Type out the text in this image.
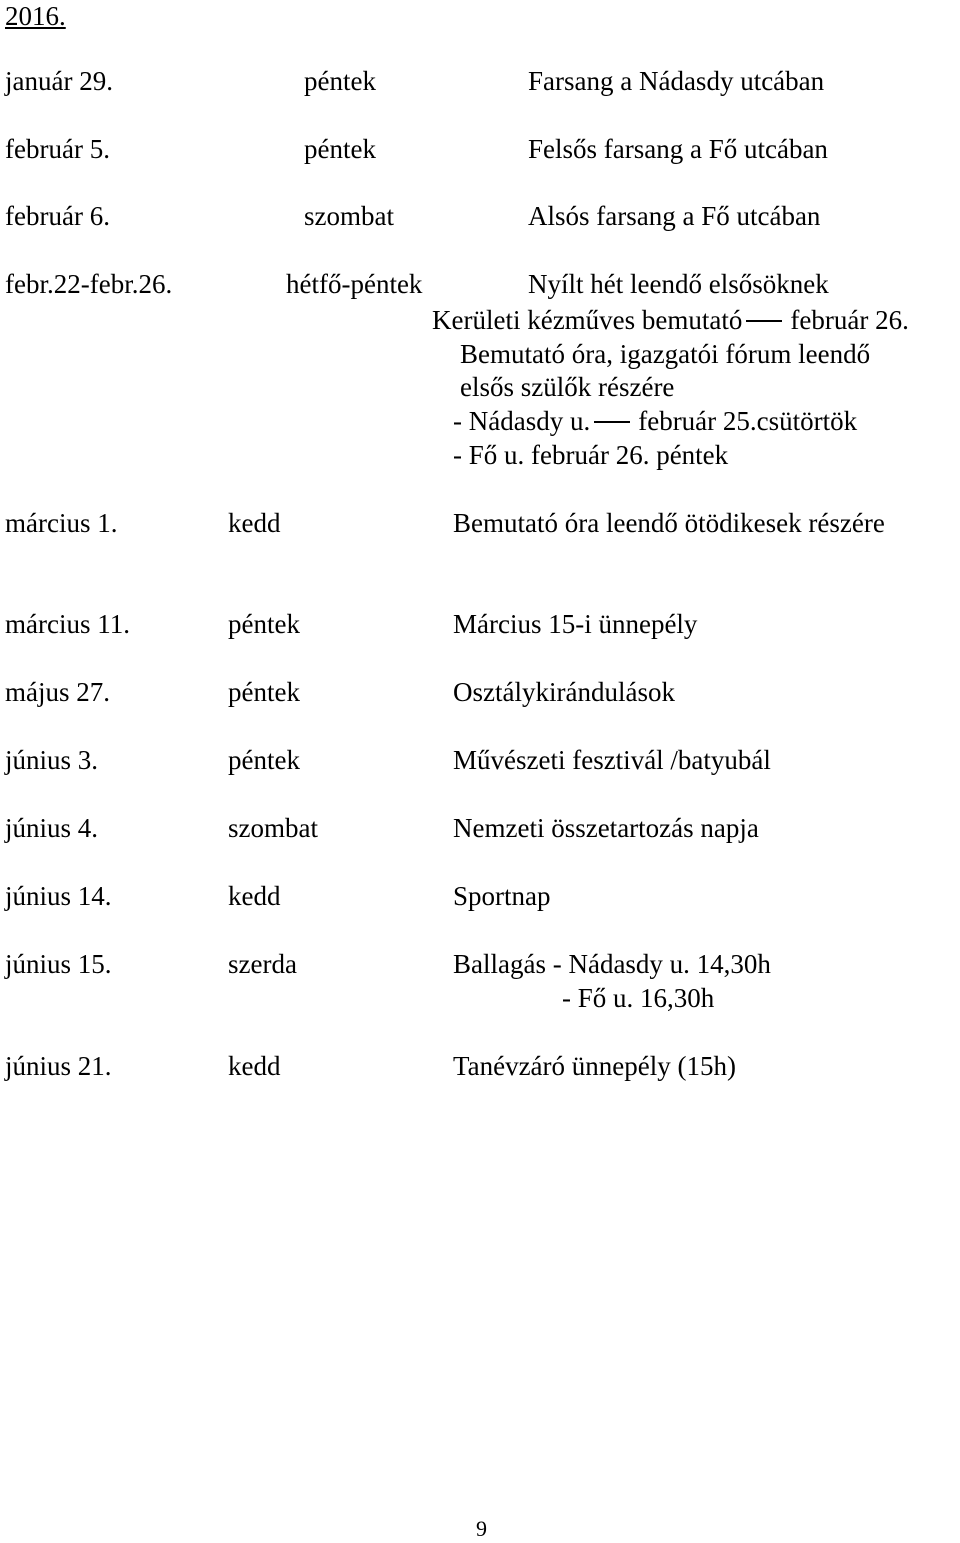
2016.
január 29.	péntek	Farsang a Nádasdy utcában
február 5.	péntek	Felsős farsang a Fő utcában
február 6.	szombat	Alsós farsang a Fő utcában
febr.22-febr.26.	hétfő-péntek	Nyílt hét leendő elsősöknek
Kerületi kézműves bemutató február 26.
Bemutató óra, igazgatói fórum leendő
elsős szülők részére
- Nádasdy u. február 25.csütörtök
- Fő u. február 26. péntek
március 1.	kedd	Bemutató óra leendő ötödikesek részére
március 11.	péntek	Március 15-i ünnepély
május 27.	péntek	Osztálykirándulások
június 3.	péntek	Művészeti fesztivál /batyubál
június 4.	szombat	Nemzeti összetartozás napja
június 14.	kedd	Sportnap
június 15.	szerda	Ballagás - Nádasdy u. 14,30h
- Fő u. 16,30h
június 21.	kedd	Tanévzáró ünnepély (15h)
9
